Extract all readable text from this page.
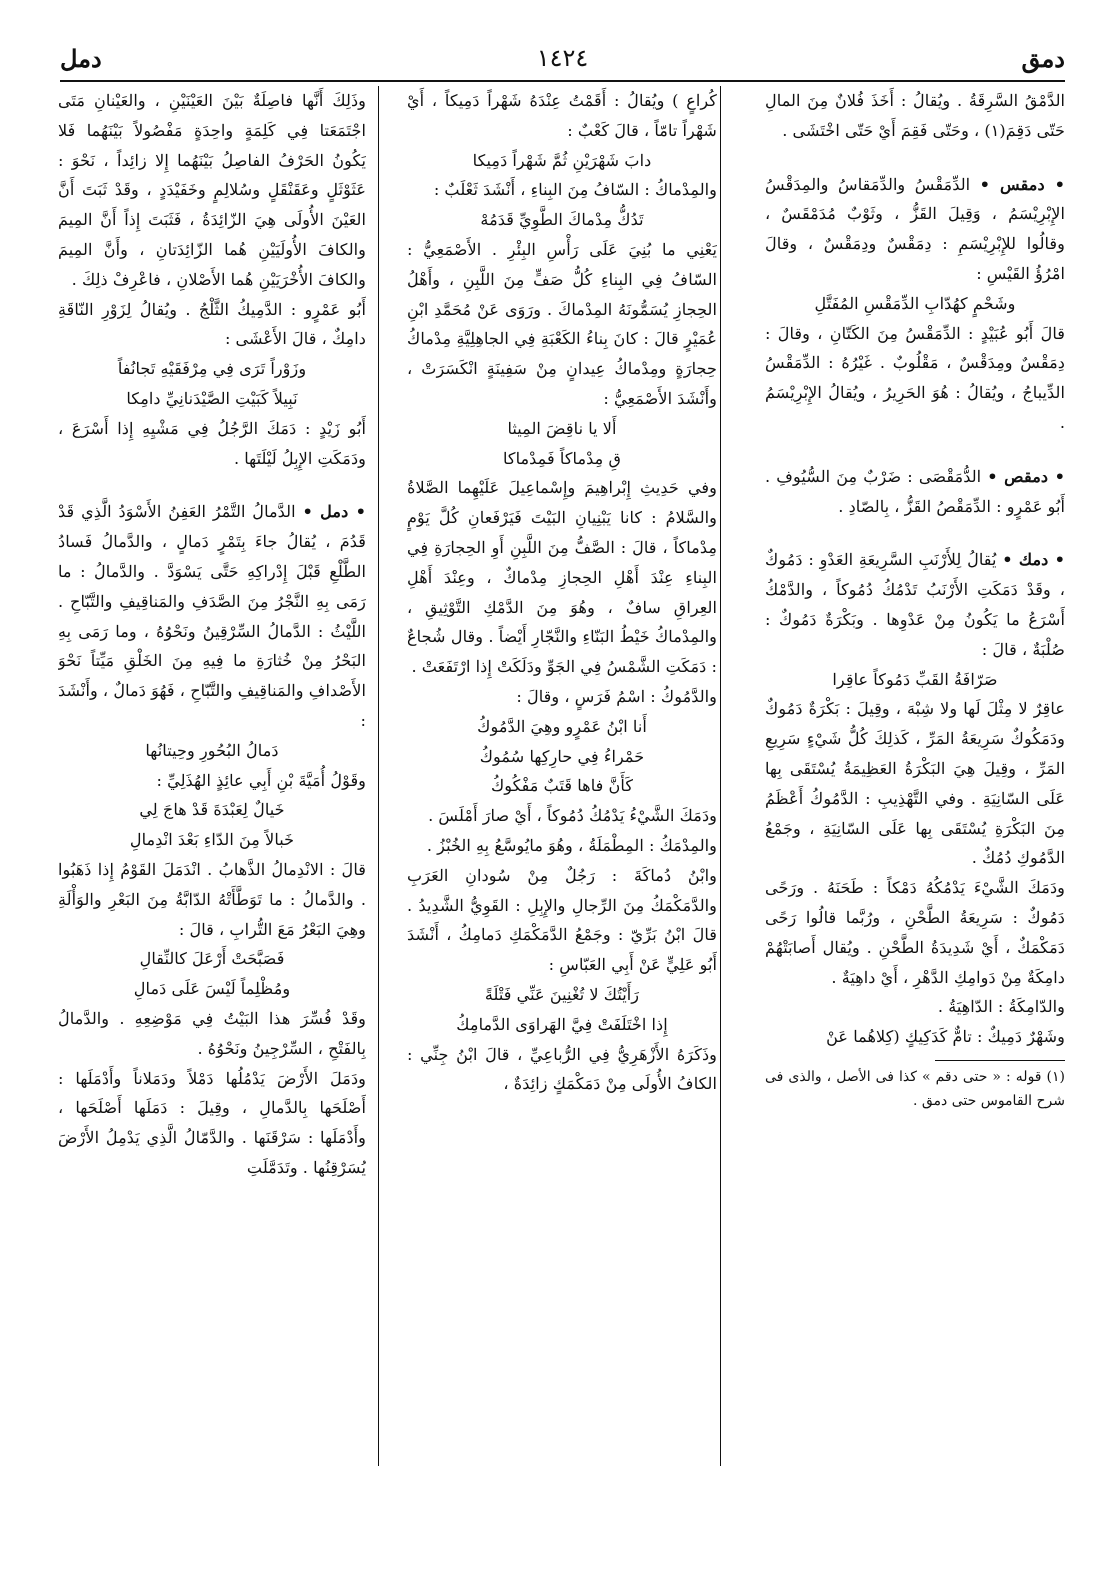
دمق
١٤٢٤
دمل

الدَّمْقُ السَّرِقَةُ . ويُقالُ : أَخَذَ فُلانٌ مِنَ المالِ حَتّى دَقِمَ(١) ، وحَتّى فَقِمَ أَيْ حَتّى اخْتَشَى .

• دمقس • الدِّمَقْسُ والدِّمَقاسُ والمِدَقْسُ الإِبْرِيْسَمُ ، وَقِيلَ القَزُّ ، وثَوْبٌ مُدَمْقَسٌ ، وقالُوا للإِبْرِيْسَمِ : دِمَقْسٌ ودِمَقْسٌ ، وقالَ امْرُؤُ القَيْسِ :

وشَحْمٍ كهُدّابِ الدِّمَقْسِ المُفَتَّلِ

قالَ أَبُو عُبَيْدٍ : الدِّمَقْسُ مِنَ الكَتّانِ ، وقالَ : دِمَقْسٌ ومِدَقْسٌ ، مَقْلُوبٌ . غَيْرُهُ : الدِّمَقْسُ الدِّيباجُ ، ويُقالُ : هُوَ الحَرِيرُ ، ويُقالُ الإِبْرِيْسَمُ .

• دمقص • الدُّمَقْصَى : ضَرْبٌ مِنَ السُّيُوفِ . أَبُو عَمْرٍو : الدِّمَقْصُ القَزُّ ، بِالصّادِ .

• دمك • يُقالُ لِلأَرْنَبِ السَّرِيعَةِ العَدْوِ : دَمُوكٌ ، وقَدْ دَمَكَتِ الأَرْنَبُ تَدْمُكُ دُمُوكاً ، والدَّمْكُ أَسْرَعُ ما يَكُونُ مِنْ عَدْوِها . وبَكْرَةٌ دَمُوكٌ : صُلْبَةٌ ، قالَ :

صَرّافَةُ القَبِّ دَمُوكاً عاقِرا

عاقِرٌ لا مِثْلَ لَها ولا شِبْهَ ، وقِيلَ : بَكْرَةٌ دَمُوكٌ ودَمَكُوكٌ سَرِيعَةُ المَرِّ ، كَذلِكَ كُلُّ شَيْءٍ سَرِيعِ المَرِّ ، وقِيلَ هِيَ البَكْرَةُ العَظِيمَةُ يُسْتَقَى بِها عَلَى السّانِيَةِ . وفي التَّهْذِيبِ : الدَّمُوكُ أَعْظَمُ مِنَ البَكْرَةِ يُسْتَقَى بِها عَلَى السّانِيَةِ ، وجَمْعُ الدَّمُوكِ دُمُكٌ .

ودَمَكَ الشَّيْءَ يَدْمُكُهُ دَمْكاً : طَحَنَهُ . ورَحًى دَمُوكٌ : سَرِيعَةُ الطَّحْنِ ، ورُبَّما قالُوا رَحًى دَمَكْمَكٌ ، أَيْ شَدِيدَةُ الطَّحْنِ . ويُقال أَصابَتْهُمْ دامِكَةٌ مِنْ دَوامِكِ الدَّهْرِ ، أَيْ داهِيَةٌ .

والدّامِكَةُ : الدّاهِيَةُ .

وشَهْرٌ دَمِيكٌ : تامٌّ كَدَكِيكٍ (كِلاهُما عَنْ

(١) قوله : « حتى دقم » كذا فى الأصل ، والذى فى شرح القاموس حتى دمق .

كُراعٍ ) ويُقالُ : أَقَمْتُ عِنْدَهُ شَهْراً دَمِيكاً ، أَيْ شَهْراً تامّاً ، قالَ كَعْبٌ :

دابَ شَهْرَيْنِ ثُمَّ شَهْراً دَمِيكا

والمِدْماكُ : السّافُ مِنَ البِناءِ ، أَنْشَدَ ثَعْلَبٌ :

تَدُكُّ مِدْماكَ الطَّوِيِّ قَدَمُهْ

يَعْنِي ما بُنِيَ عَلَى رَأْسِ البِئْرِ . الأَصْمَعِيُّ : السّافُ فِي البِناءِ كُلُّ صَفٍّ مِنَ اللَّبِنِ ، وأَهْلُ الحِجازِ يُسَمُّونَهُ المِدْماكَ . ورَوَى عَنْ مُحَمَّدِ ابْنِ عُمَيْرٍ قالَ : كانَ بِناءُ الكَعْبَةِ فِي الجاهِلِيَّةِ مِدْماكُ حِجارَةٍ ومِدْماكُ عِيدانٍ مِنْ سَفِينَةٍ انْكَسَرَتْ ، وأَنْشَدَ الأَصْمَعِيُّ :

أَلا يا ناقِضَ المِيثا

قِ مِدْماكاً فَمِدْماكا

وفي حَدِيثِ إِبْراهِيمَ وإِسْماعِيلَ عَلَيْهِما الصَّلاةُ والسَّلامُ : كانا يَبْنِيانِ البَيْتَ فَيَرْفَعانِ كُلَّ يَوْمٍ مِدْماكاً ، قالَ : الصَّفُّ مِنَ اللَّبِنِ أَوِ الحِجارَةِ فِي البِناءِ عِنْدَ أَهْلِ الحِجازِ مِدْماكٌ ، وعِنْدَ أَهْلِ العِراقِ سافٌ ، وهُوَ مِنَ الدَّمْكِ التَّوْثِيقِ ، والمِدْماكُ خَيْطُ البَنّاءِ والنَّجّارِ أَيْضاً . وقال شُجاعٌ : دَمَكَتِ الشَّمْسُ فِي الجَوِّ ودَلَكَتْ إِذا ارْتَفَعَتْ .

والدَّمُوكُ : اسْمُ فَرَسٍ ، وقالَ :

أَنا ابْنُ عَمْرٍو وهِيَ الدَّمُوكُ

حَمْراءُ فِي حارِكِها سُمُوكُ

كَأَنَّ فاها قَتَبٌ مَفْكُوكُ

ودَمَكَ الشَّيْءُ يَدْمُكُ دُمُوكاً ، أَيْ صارَ أَمْلَسَ .

والمِدْمَكُ : المِطْمَلَةُ ، وهُوَ مايُوسَّعُ بِهِ الخُبْزُ .

وابْنُ دُماكَةَ : رَجُلٌ مِنْ سُودانِ العَرَبِ والدَّمَكْمَكُ مِنَ الرِّجالِ والإِبِلِ : القَوِيُّ الشَّدِيدُ . قالَ ابْنُ بَرِّيّ : وجَمْعُ الدَّمَكْمَكِ دَمامِكُ ، أَنْشَدَ أَبُو عَلِيٍّ عَنْ أَبِي العَبّاسِ :

رَأَيْتُكَ لا تُغْنِينَ عَنِّي فَتْلَةً

إِذا اخْتَلَفَتْ فِيَّ الهَراوَى الدَّمامِكُ

وذَكَرَهُ الأَزْهَرِيُّ فِي الرُّباعِيِّ ، قالَ ابْنُ جِنِّي : الكافُ الأُولَى مِنْ دَمَكْمَكٍ زائِدَةٌ ،

وذَلِكَ أَنَّها فاصِلَةٌ بَيْنَ العَيْنَيْنِ ، والعَيْنانِ مَتَى اجْتَمَعَتا فِي كَلِمَةٍ واحِدَةٍ مَفْصُولاً بَيْنَهُما فَلا يَكُونُ الحَرْفُ الفاصِلُ بَيْنَهُما إِلا زائِداً ، نَحْوَ : عَثَوْثَلٍ وعَقَنْقَلٍ وسُلالِمٍ وخَفَيْدَدٍ ، وقَدْ ثَبَتَ أَنَّ العَيْنَ الأُولَى هِيَ الزّائِدَةُ ، فَثَبَتَ إِذاً أَنَّ المِيمَ والكافَ الأُولَيَيْنِ هُما الزّائِدَتانِ ، وأَنَّ المِيمَ والكافَ الأُخْرَيَيْنِ هُما الأَصْلانِ ، فاعْرِفْ ذلِكَ .

أَبُو عَمْرٍو : الدَّمِيكُ الثَّلْجُ . ويُقالُ لِزَوْرِ النّاقَةِ دامِكٌ ، قالَ الأَعْشَى :

وزَوْراً تَرَى فِي مِرْفَقَيْهِ تَجانُفاً

نَبِيلاً كَبَيْتِ الصَّيْدَنانِيِّ دامِكا

أَبُو زَيْدٍ : دَمَكَ الرَّجُلُ فِي مَشْيِهِ إِذا أَسْرَعَ ، ودَمَكَتِ الإِبِلُ لَيْلَتَها .

• دمل • الدَّمالُ التَّمْرُ العَفِنُ الأَسْوَدُ الَّذِي قَدْ قَدُمَ ، يُقالُ جاءَ بِتَمْرٍ دَمالٍ ، والدَّمالُ فَسادُ الطَّلْعِ قَبْلَ إِدْراكِهِ حَتَّى يَسْوَدَّ . والدَّمالُ : ما رَمَى بِهِ النَّجْرُ مِنَ الصَّدَفِ والمَناقِيفِ والتَّبّاحِ . اللَّيْثُ : الدَّمالُ السِّرْقِينُ ونَحْوُهُ ، وما رَمَى بِهِ البَحْرُ مِنْ خُثارَةِ ما فِيهِ مِنَ الخَلْقِ مَيِّتاً نَحْوَ الأَصْدافِ والمَناقِيفِ والتَّبّاحِ ، فَهُوَ دَمالٌ ، وأَنْشَدَ :

دَمالُ البُحُورِ وحِيتانُها

وقَوْلُ أُمَيَّةَ بْنِ أَبِي عائِذٍ الهُذَلِيِّ :

خَيالٌ لِعَبْدَةَ قَدْ هاجَ لِي

خَبالاً مِنَ الدّاءِ بَعْدَ انْدِمالِ

قالَ : الانْدِمالُ الذَّهابُ . انْدَمَلَ القَوْمُ إِذا ذَهَبُوا . والدَّمالُ : ما تَوَطَّأَتْهُ الدّابَّةُ مِنَ البَعْرِ والوَأْلَةِ وهِيَ البَعْرُ مَعَ التُّرابِ ، قالَ :

فَصَبَّحَتْ أَرْعَلَ كالنِّقالِ

ومُظْلِماً لَيْسَ عَلَى دَمالِ

وقَدْ فُسِّرَ هذا البَيْتُ فِي مَوْضِعِهِ . والدَّمالُ بِالفَتْحِ ، السِّرْجِينُ ونَحْوُهُ .

ودَمَلَ الأَرْضَ يَدْمُلُها دَمْلاً ودَمَلاناً وأَدْمَلَها : أَصْلَحَها بِالدَّمالِ ، وقِيلَ : دَمَلَها أَصْلَحَها ، وأَدْمَلَها : سَرْقَنَها . والدَّمّالُ الَّذِي يَدْمِلُ الأَرْضَ يُسَرْقِنُها . وتَدَمَّلَتِ
